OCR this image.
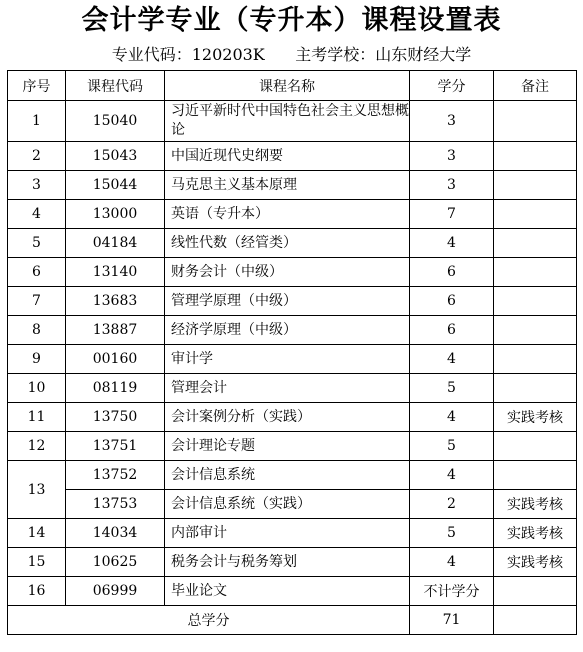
会计学专业（专升本）课程设置表
专业代码：120203K 主考学校：山东财经大学
序号	课程代码	课程名称	学分	备注
1	15040	习近平新时代中国特色社会主义思想概论	3	
2	15043	中国近现代史纲要	3	
3	15044	马克思主义基本原理	3	
4	13000	英语（专升本）	7	
5	04184	线性代数（经管类）	4	
6	13140	财务会计（中级）	6	
7	13683	管理学原理（中级）	6	
8	13887	经济学原理（中级）	6	
9	00160	审计学	4	
10	08119	管理会计	5	
11	13750	会计案例分析（实践）	4	实践考核
12	13751	会计理论专题	5	
13	13752	会计信息系统	4	
	13753	会计信息系统（实践）	2	实践考核
14	14034	内部审计	5	实践考核
15	10625	税务会计与税务筹划	4	实践考核
16	06999	毕业论文	不计学分	
总学分			71	
